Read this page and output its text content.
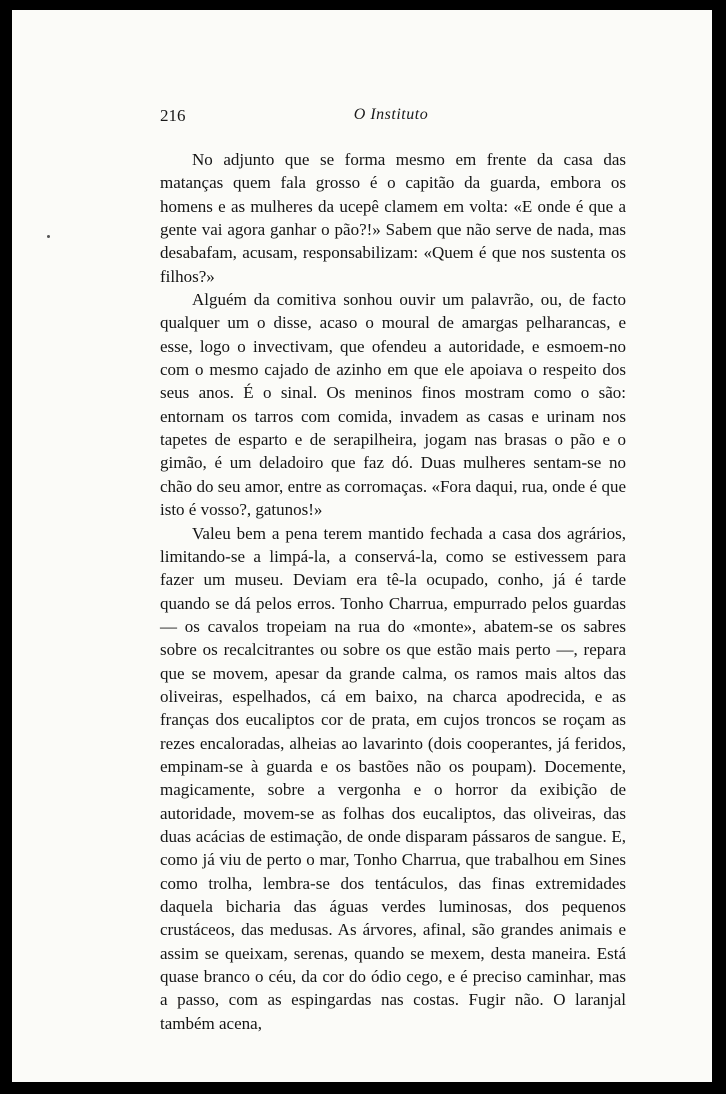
216	O Instituto

No adjunto que se forma mesmo em frente da casa das matanças quem fala grosso é o capitão da guarda, embora os homens e as mulheres da ucepê clamem em volta: «E onde é que a gente vai agora ganhar o pão?!» Sabem que não serve de nada, mas desabafam, acusam, responsabilizam: «Quem é que nos sustenta os filhos?»

Alguém da comitiva sonhou ouvir um palavrão, ou, de facto qualquer um o disse, acaso o moural de amargas pelharancas, e esse, logo o invectivam, que ofendeu a autoridade, e esmoem-no com o mesmo cajado de azinho em que ele apoiava o respeito dos seus anos. É o sinal. Os meninos finos mostram como o são: entornam os tarros com comida, invadem as casas e urinam nos tapetes de esparto e de serapilheira, jogam nas brasas o pão e o gimão, é um deladoiro que faz dó. Duas mulheres sentam-se no chão do seu amor, entre as corromaças. «Fora daqui, rua, onde é que isto é vosso?, gatunos!»

Valeu bem a pena terem mantido fechada a casa dos agrários, limitando-se a limpá-la, a conservá-la, como se estivessem para fazer um museu. Deviam era tê-la ocupado, conho, já é tarde quando se dá pelos erros. Tonho Charrua, empurrado pelos guardas — os cavalos tropeiam na rua do «monte», abatem-se os sabres sobre os recalcitrantes ou sobre os que estão mais perto —, repara que se movem, apesar da grande calma, os ramos mais altos das oliveiras, espelhados, cá em baixo, na charca apodrecida, e as franças dos eucaliptos cor de prata, em cujos troncos se roçam as rezes encaloradas, alheias ao lavarinto (dois cooperantes, já feridos, empinam-se à guarda e os bastões não os poupam). Docemente, magicamente, sobre a vergonha e o horror da exibição de autoridade, movem-se as folhas dos eucaliptos, das oliveiras, das duas acácias de estimação, de onde disparam pássaros de sangue. E, como já viu de perto o mar, Tonho Charrua, que trabalhou em Sines como trolha, lembra-se dos tentáculos, das finas extremidades daquela bicharia das águas verdes luminosas, dos pequenos crustáceos, das medusas. As árvores, afinal, são grandes animais e assim se queixam, serenas, quando se mexem, desta maneira. Está quase branco o céu, da cor do ódio cego, e é preciso caminhar, mas a passo, com as espingardas nas costas. Fugir não. O laranjal também acena,
